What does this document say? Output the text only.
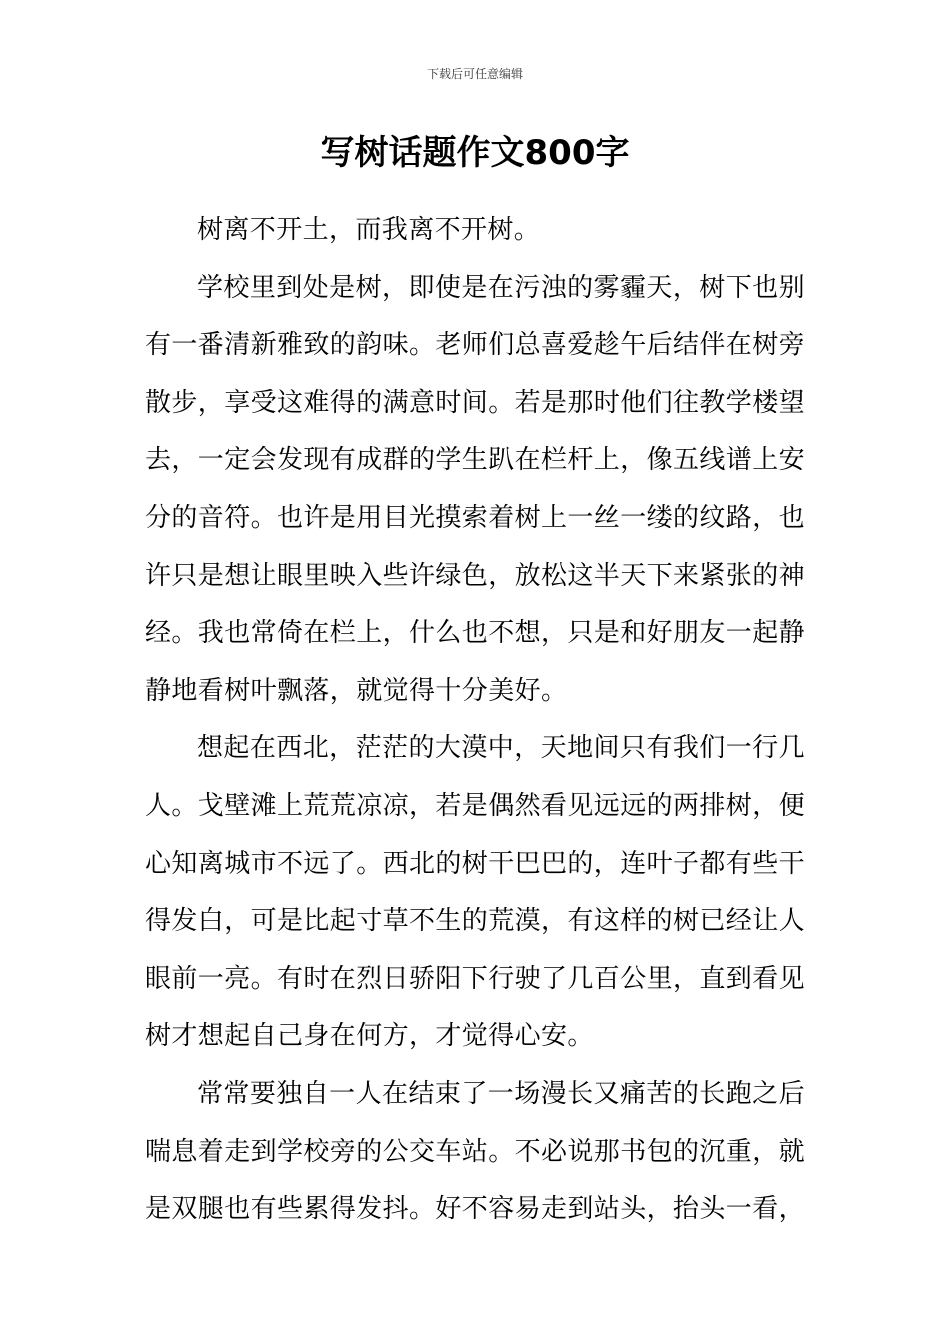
下载后可任意编辑
写树话题作文800字

树离不开土，而我离不开树。

学校里到处是树，即使是在污浊的雾霾天，树下也别有一番清新雅致的韵味。老师们总喜爱趁午后结伴在树旁散步，享受这难得的满意时间。若是那时他们往教学楼望去，一定会发现有成群的学生趴在栏杆上，像五线谱上安分的音符。也许是用目光摸索着树上一丝一缕的纹路，也许只是想让眼里映入些许绿色，放松这半天下来紧张的神经。我也常倚在栏上，什么也不想，只是和好朋友一起静静地看树叶飘落，就觉得十分美好。

想起在西北，茫茫的大漠中，天地间只有我们一行几人。戈壁滩上荒荒凉凉，若是偶然看见远远的两排树，便心知离城市不远了。西北的树干巴巴的，连叶子都有些干得发白，可是比起寸草不生的荒漠，有这样的树已经让人眼前一亮。有时在烈日骄阳下行驶了几百公里，直到看见树才想起自己身在何方，才觉得心安。

常常要独自一人在结束了一场漫长又痛苦的长跑之后喘息着走到学校旁的公交车站。不必说那书包的沉重，就是双腿也有些累得发抖。好不容易走到站头，抬头一看，
